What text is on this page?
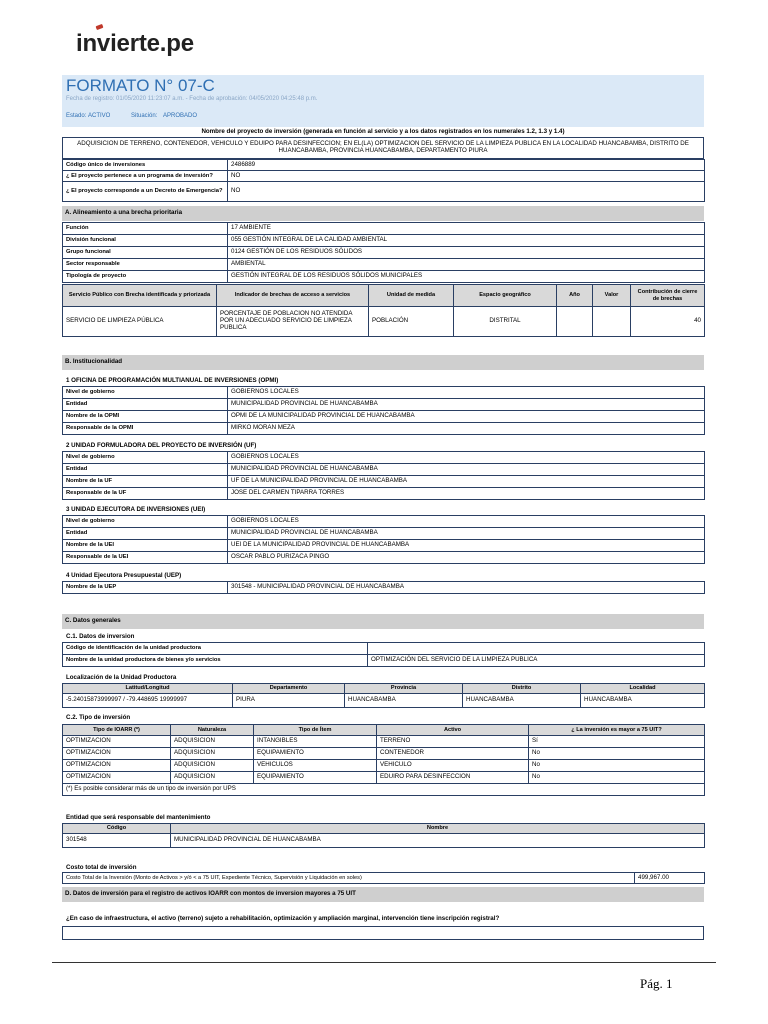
invierte.pe
FORMATO N° 07-C
Fecha de registro: 01/05/2020 11:23:07 a.m. - Fecha de aprobación: 04/05/2020 04:25:48 p.m.
Estado: ACTIVO	Situación: APROBADO
Nombre del proyecto de inversión (generada en función al servicio y a los datos registrados en los numerales 1.2, 1.3 y 1.4)
ADQUISICION DE TERRENO, CONTENEDOR, VEHICULO Y EDUIPO PARA DESINFECCION; EN EL(LA) OPTIMIZACION DEL SERVICIO DE LA LIMPIEZA PUBLICA EN LA LOCALIDAD HUANCABAMBA, DISTRITO DE HUANCABAMBA, PROVINCIA HUANCABAMBA, DEPARTAMENTO PIURA
Código único de inversiones	2486889
¿ El proyecto pertenece a un programa de inversión?	NO
¿ El proyecto corresponde a un Decreto de Emergencia?	NO
A. Alineamiento a una brecha prioritaria
Función	17 AMBIENTE
División funcional	055 GESTIÓN INTEGRAL DE LA CALIDAD AMBIENTAL
Grupo funcional	0124 GESTIÓN DE LOS RESIDUOS SÓLIDOS
Sector responsable	AMBIENTAL
Tipología de proyecto	GESTIÓN INTEGRAL DE LOS RESIDUOS SÓLIDOS MUNICIPALES
Servicio Público con Brecha identificada y priorizada	Indicador de brechas de acceso a servicios	Unidad de medida	Espacio geográfico	Año	Valor	Contribución de cierre de brechas
SERVICIO DE LIMPIEZA PÚBLICA	PORCENTAJE DE POBLACION NO ATENDIDA POR UN ADECUADO SERVICIO DE LIMPIEZA PUBLICA	POBLACIÓN	DISTRITAL			40
B. Institucionalidad
1 OFICINA DE PROGRAMACIÓN MULTIANUAL DE INVERSIONES (OPMI)
Nivel de gobierno	GOBIERNOS LOCALES
Entidad	MUNICIPALIDAD PROVINCIAL DE HUANCABAMBA
Nombre de la OPMI	OPMI DE LA MUNICIPALIDAD PROVINCIAL DE HUANCABAMBA
Responsable de la OPMI	MIRKO MORAN MEZA
2 UNIDAD FORMULADORA DEL PROYECTO DE INVERSIÓN (UF)
Nivel de gobierno	GOBIERNOS LOCALES
Entidad	MUNICIPALIDAD PROVINCIAL DE HUANCABAMBA
Nombre de la UF	UF DE LA MUNICIPALIDAD PROVINCIAL DE HUANCABAMBA
Responsable de la UF	JOSE DEL CARMEN TIPARRA TORRES
3 UNIDAD EJECUTORA DE INVERSIONES (UEI)
Nivel de gobierno	GOBIERNOS LOCALES
Entidad	MUNICIPALIDAD PROVINCIAL DE HUANCABAMBA
Nombre de la UEI	UEI DE LA MUNICIPALIDAD PROVINCIAL DE HUANCABAMBA
Responsable de la UEI	OSCAR PABLO PURIZACA PINGO
4 Unidad Ejecutora Presupuestal (UEP)
Nombre de la UEP	301548 - MUNICIPALIDAD PROVINCIAL DE HUANCABAMBA
C. Datos generales
C.1. Datos de inversion
Código de identificación de la unidad productora	
Nombre de la unidad productora de bienes y/o servicios	OPTIMIZACIÓN DEL SERVICIO DE LA LIMPIEZA PUBLICA
Localización de la Unidad Productora
Latitud/Longitud	Departamento	Provincia	Distrito	Localidad
-5.24015873999997 / -79.448695 19999997	PIURA	HUANCABAMBA	HUANCABAMBA	HUANCABAMBA
C.2. Tipo de inversión
Tipo de IOARR (*)	Naturaleza	Tipo de Ítem	Activo	¿ La inversión es mayor a 75 UIT?
OPTIMIZACION	ADQUISICION	INTANGIBLES	TERRENO	Sí
OPTIMIZACION	ADQUISICION	EQUIPAMIENTO	CONTENEDOR	No
OPTIMIZACION	ADQUISICION	VEHICULOS	VEHICULO	No
OPTIMIZACION	ADQUISICION	EQUIPAMIENTO	EDUIRO PARA DESINFECCION	No
(*) Es posible considerar más de un tipo de inversión por UPS				
Entidad que será responsable del mantenimiento
Código	Nombre
301548	MUNICIPALIDAD PROVINCIAL DE HUANCABAMBA
Costo total de inversión
Costo Total de la Inversión (Monto de Activos > y/ó < a 75 UIT, Expediente Técnico, Supervisión y Liquidación en soles)	499,967.00
D. Datos de inversión para el registro de activos IOARR con montos de inversion mayores a 75 UIT
¿En caso de infraestructura, el activo (terreno) sujeto a rehabilitación, optimización y ampliación marginal, intervención tiene inscripción registral?
Pág. 1
